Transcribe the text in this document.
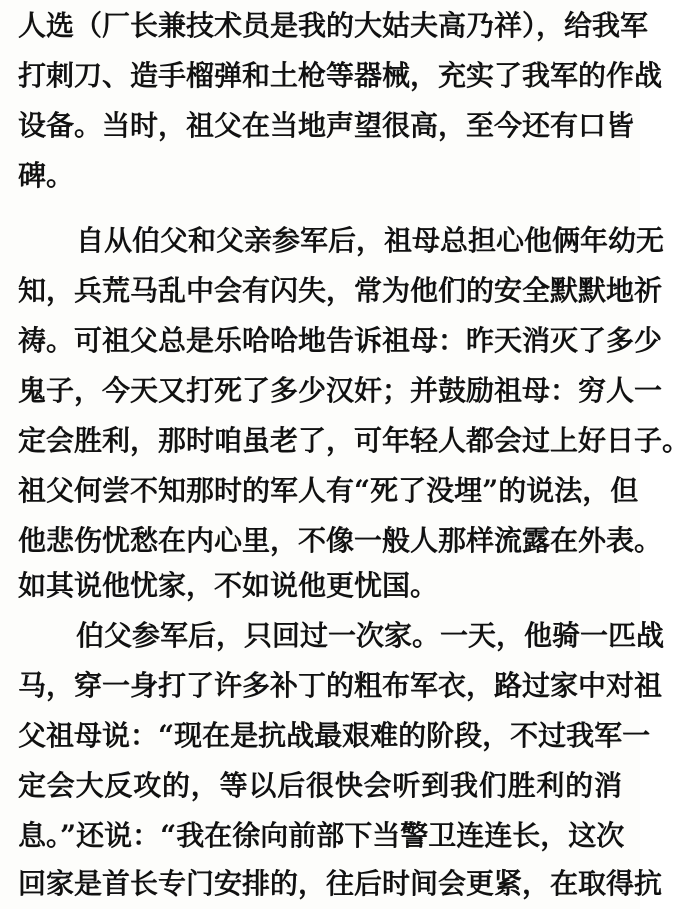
人选（厂长兼技术员是我的大姑夫高乃祥），给我军
打刺刀、造手榴弹和土枪等器械，充实了我军的作战
设备。当时，祖父在当地声望很高，至今还有口皆
碑。
自从伯父和父亲参军后，祖母总担心他俩年幼无
知，兵荒马乱中会有闪失，常为他们的安全默默地祈
祷。可祖父总是乐哈哈地告诉祖母：昨天消灭了多少
鬼子，今天又打死了多少汉奸；并鼓励祖母：穷人一
定会胜利，那时咱虽老了，可年轻人都会过上好日子。
祖父何尝不知那时的军人有“死了没埋”的说法，但
他悲伤忧愁在内心里，不像一般人那样流露在外表。
如其说他忧家，不如说他更忧国。
伯父参军后，只回过一次家。一天，他骑一匹战
马，穿一身打了许多补丁的粗布军衣，路过家中对祖
父祖母说：“现在是抗战最艰难的阶段，不过我军一
定会大反攻的，等以后很快会听到我们胜利的消
息。”还说：“我在徐向前部下当警卫连连长，这次
回家是首长专门安排的，往后时间会更紧，在取得抗
